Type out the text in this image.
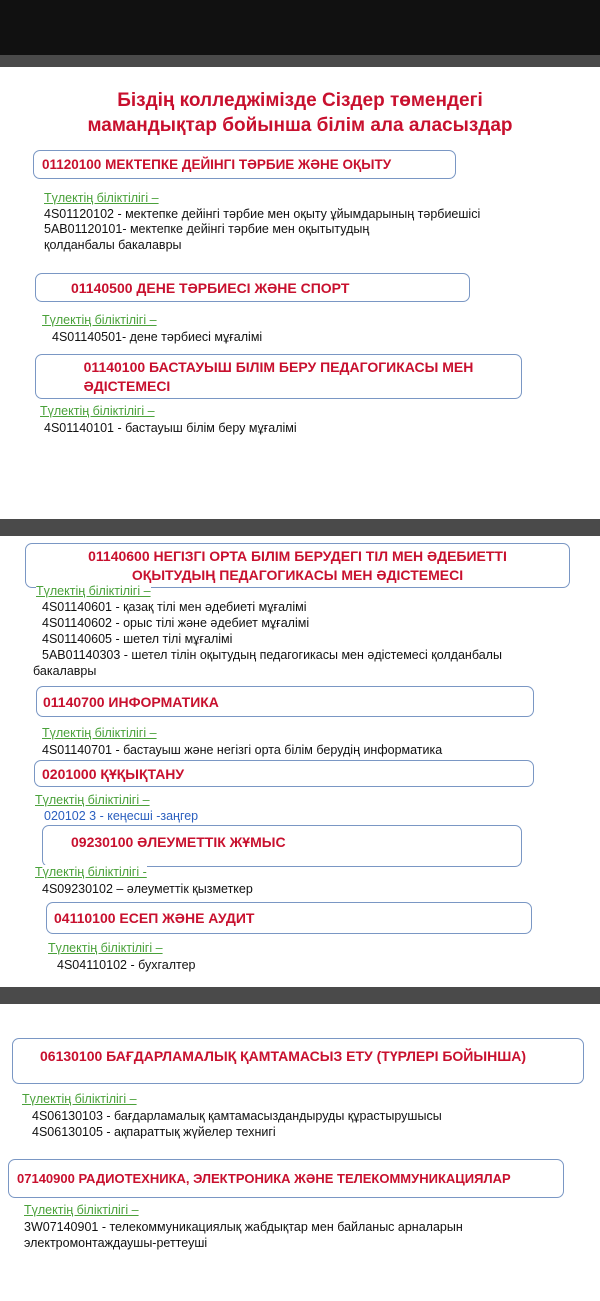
Біздің колледжімізде Сіздер төмендегі
мамандықтар бойынша білім ала аласыздар
01120100 МЕКТЕПКЕ ДЕЙІНГІ ТӘРБИЕ ЖӘНЕ ОҚЫТУ
Түлектің біліктілігі –
4S01120102 - мектепке дейінгі тәрбие мен оқыту ұйымдарының тәрбиешісі
5АВ01120101- мектепке дейінгі тәрбие мен оқытытудың
қолданбалы бакалавры
01140500 ДЕНЕ ТӘРБИЕСІ ЖӘНЕ СПОРТ
Түлектің біліктілігі –
4S01140501- дене тәрбиесі мұғалімі
01140100 БАСТАУЫШ БІЛІМ БЕРУ ПЕДАГОГИКАСЫ МЕН
ӘДІСТЕМЕСІ
Түлектің біліктілігі –
4S01140101 - бастауыш білім беру мұғалімі
01140600 НЕГІЗГІ ОРТА БІЛІМ БЕРУДЕГІ ТІЛ МЕН ӘДЕБИЕТТІ
ОҚЫТУДЫҢ ПЕДАГОГИКАСЫ МЕН ӘДІСТЕМЕСІ
Түлектің біліктілігі –
4S01140601 - қазақ тілі мен әдебиеті мұғалімі
4S01140602 - орыс тілі және әдебиет мұғалімі
4S01140605 - шетел тілі мұғалімі
5АВ01140303 - шетел тілін оқытудың педагогикасы мен әдістемесі қолданбалы
бакалавры
01140700 ИНФОРМАТИКА
Түлектің біліктілігі –
4S01140701 - бастауыш және негізгі орта білім берудің информатика
0201000 ҚҰҚЫҚТАНУ
Түлектің біліктілігі –
020102 3 - кеңесші -заңгер
09230100 ӘЛЕУМЕТТІК ЖҰМЫС
Түлектің біліктілігі -
4S09230102 – әлеуметтік қызметкер
04110100 ЕСЕП ЖӘНЕ АУДИТ
Түлектің біліктілігі –
4S04110102 - бухгалтер
06130100 БАҒДАРЛАМАЛЫҚ ҚАМТАМАСЫЗ ЕТУ (ТҮРЛЕРІ БОЙЫНША)
Түлектің біліктілігі –
4S06130103 - бағдарламалық қамтамасыздандыруды құрастырушысы
4S06130105 - ақпараттық жүйелер технигі
07140900 РАДИОТЕХНИКА, ЭЛЕКТРОНИКА ЖӘНЕ ТЕЛЕКОММУНИКАЦИЯЛАР
Түлектің біліктілігі –
3W07140901 - телекоммуникациялық жабдықтар мен байланыс арналарын
электромонтаждаушы-реттеуші
